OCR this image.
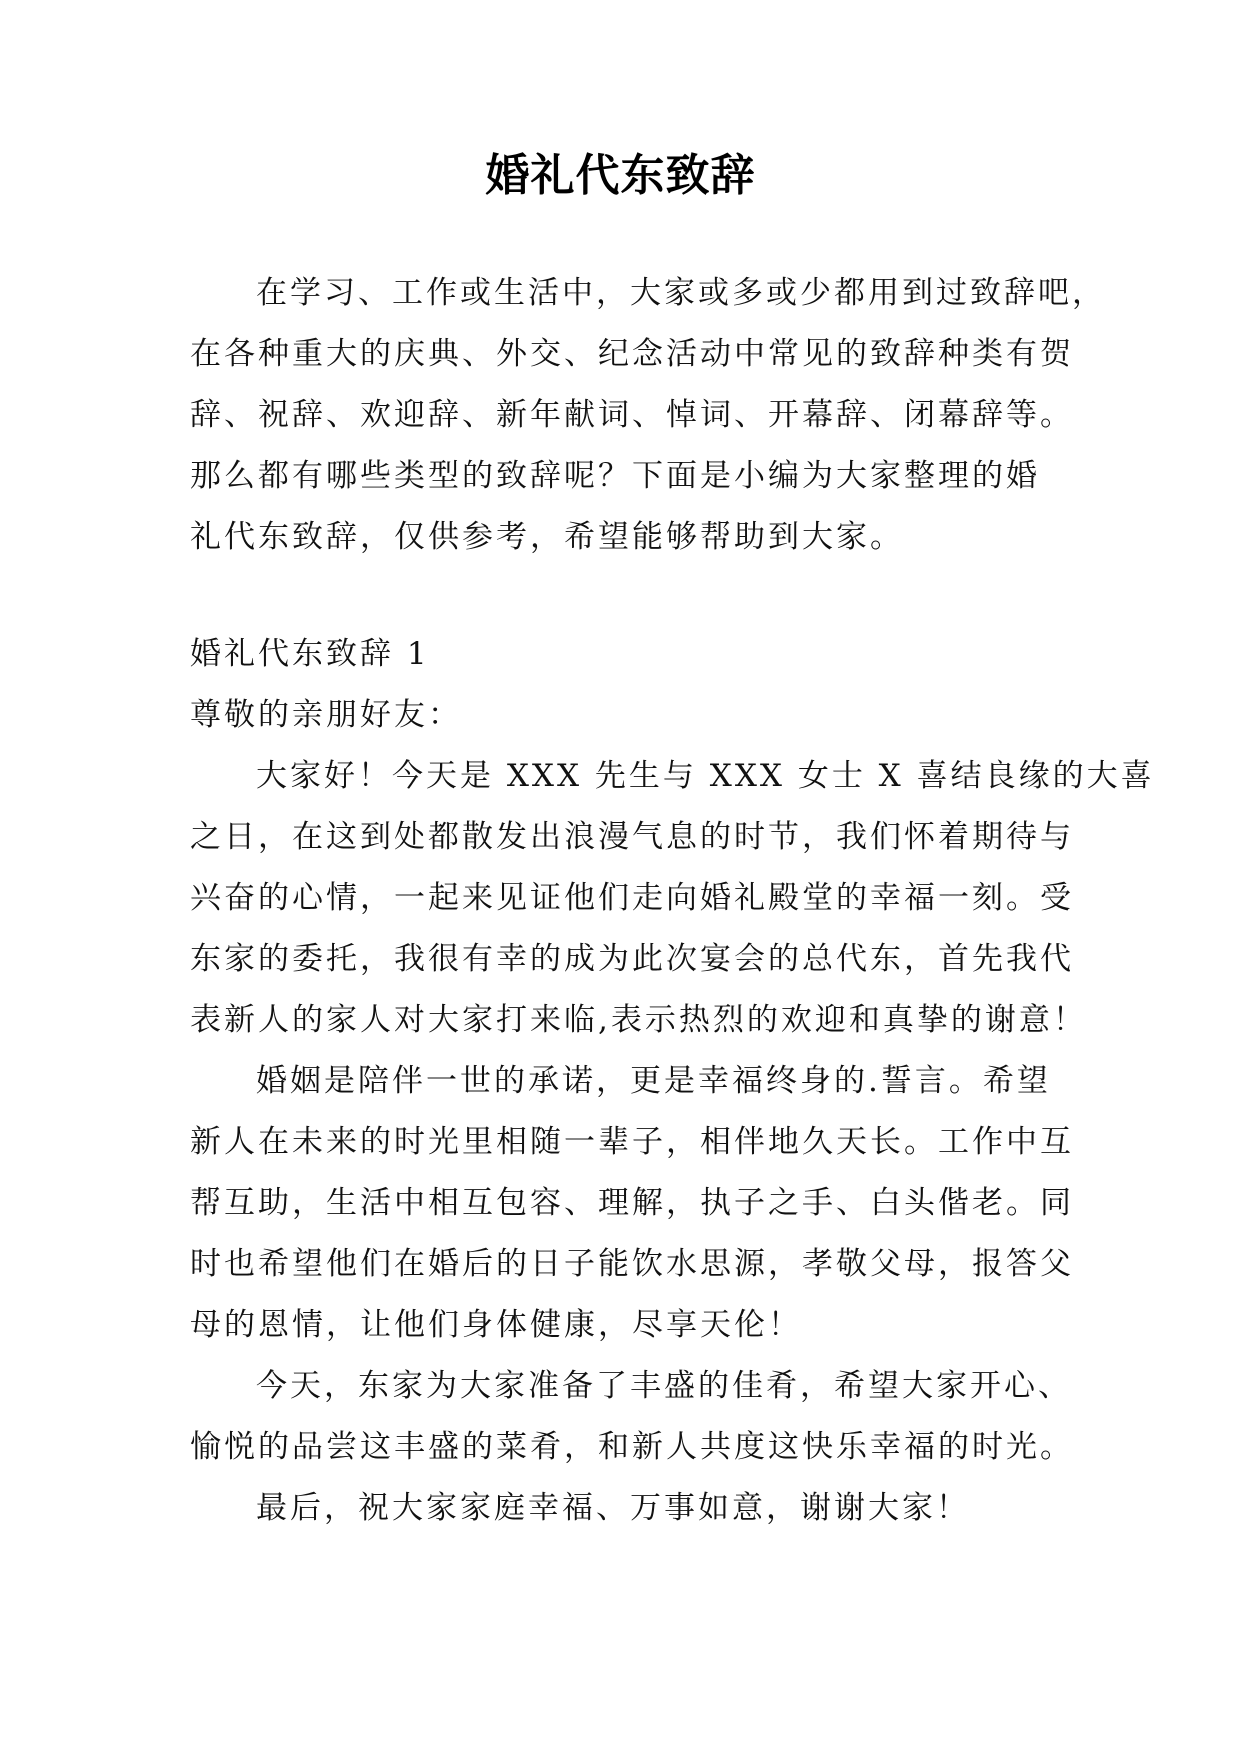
婚礼代东致辞
在学习、工作或生活中，大家或多或少都用到过致辞吧，
在各种重大的庆典、外交、纪念活动中常见的致辞种类有贺
辞、祝辞、欢迎辞、新年献词、悼词、开幕辞、闭幕辞等。
那么都有哪些类型的致辞呢？下面是小编为大家整理的婚
礼代东致辞，仅供参考，希望能够帮助到大家。
婚礼代东致辞 1
尊敬的亲朋好友：
大家好！今天是 XXX 先生与 XXX 女士 X 喜结良缘的大喜
之日，在这到处都散发出浪漫气息的时节，我们怀着期待与
兴奋的心情，一起来见证他们走向婚礼殿堂的幸福一刻。受
东家的委托，我很有幸的成为此次宴会的总代东，首先我代
表新人的家人对大家打来临,表示热烈的欢迎和真挚的谢意！
婚姻是陪伴一世的承诺，更是幸福终身的.誓言。希望
新人在未来的时光里相随一辈子，相伴地久天长。工作中互
帮互助，生活中相互包容、理解，执子之手、白头偕老。同
时也希望他们在婚后的日子能饮水思源，孝敬父母，报答父
母的恩情，让他们身体健康，尽享天伦！
今天，东家为大家准备了丰盛的佳肴，希望大家开心、
愉悦的品尝这丰盛的菜肴，和新人共度这快乐幸福的时光。
最后，祝大家家庭幸福、万事如意，谢谢大家！
